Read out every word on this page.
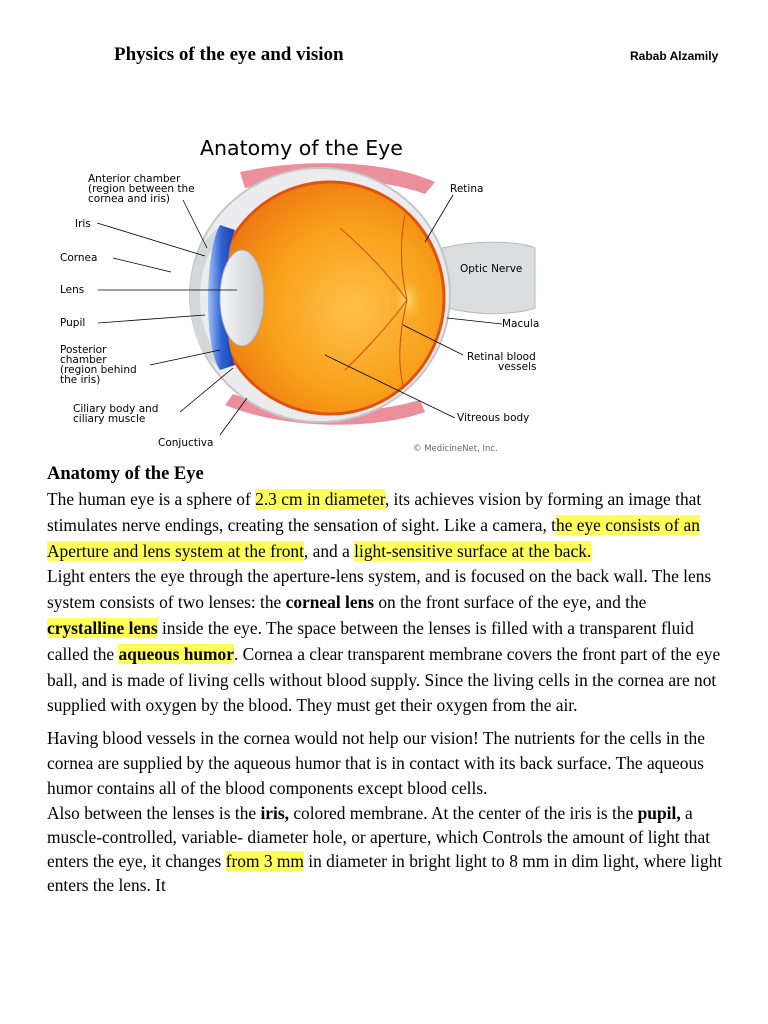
Physics of the eye and vision	Rabab Alzamily
Anatomy of the Eye
Anterior chamber
(region between the
cornea and iris)
Iris
Cornea
Lens
Pupil
Posterior
chamber
(region behind
the iris)
Ciliary body and
ciliary muscle
Conjuctiva
Retina
Optic Nerve
Macula
Retinal blood
vessels
Vitreous body
© MedicineNet, Inc.
Anatomy of the Eye

The human eye is a sphere of 2.3 cm in diameter, its achieves vision by forming an image that stimulates nerve endings, creating the sensation of sight. Like a camera, the eye consists of an Aperture and lens system at the front, and a light-sensitive surface at the back.

Light enters the eye through the aperture-lens system, and is focused on the back wall. The lens system consists of two lenses: the corneal lens on the front surface of the eye, and the crystalline lens inside the eye. The space between the lenses is filled with a transparent fluid called the aqueous humor. Cornea a clear transparent membrane covers the front part of the eye ball, and is made of living cells without blood supply. Since the living cells in the cornea are not supplied with oxygen by the blood. They must get their oxygen from the air.

Having blood vessels in the cornea would not help our vision! The nutrients for the cells in the cornea are supplied by the aqueous humor that is in contact with its back surface. The aqueous humor contains all of the blood components except blood cells.

Also between the lenses is the iris, colored membrane. At the center of the iris is the pupil, a muscle-controlled, variable- diameter hole, or aperture, which Controls the amount of light that enters the eye, it changes from 3 mm in diameter in bright light to 8 mm in dim light, where light enters the lens. It
